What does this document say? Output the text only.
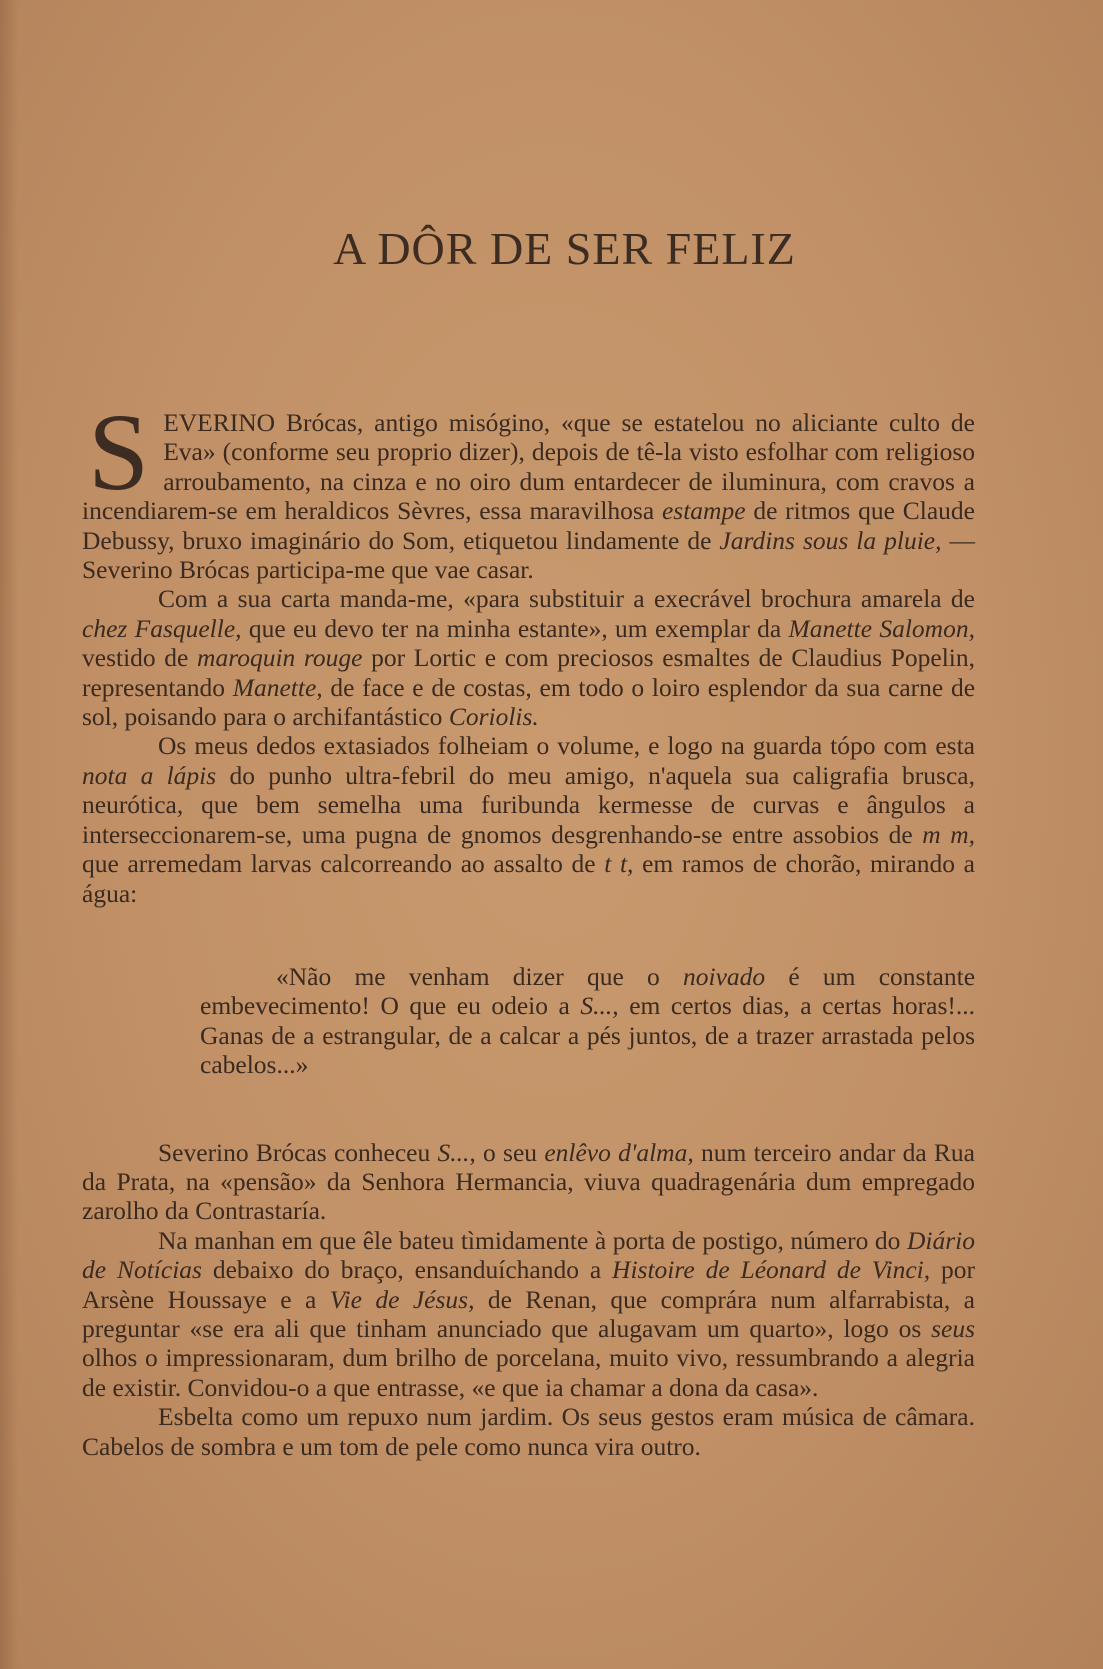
A DÔR DE SER FELIZ

SEVERINO Brócas, antigo misógino, «que se estatelou no aliciante culto de Eva» (conforme seu proprio dizer), depois de tê-la visto esfolhar com religioso arroubamento, na cinza e no oiro dum entardecer de iluminura, com cravos a incendiarem-se em heraldicos Sèvres, essa maravilhosa estampe de ritmos que Claude Debussy, bruxo imaginário do Som, etiquetou lindamente de Jardins sous la pluie, — Severino Brócas participa-me que vae casar.

Com a sua carta manda-me, «para substituir a execrável brochura amarela de chez Fasquelle, que eu devo ter na minha estante», um exemplar da Manette Salomon, vestido de maroquin rouge por Lortic e com preciosos esmaltes de Claudius Popelin, representando Manette, de face e de costas, em todo o loiro esplendor da sua carne de sol, poisando para o archifantástico Coriolis.

Os meus dedos extasiados folheiam o volume, e logo na guarda tópo com esta nota a lápis do punho ultra-febril do meu amigo, n'aquela sua caligrafia brusca, neurótica, que bem semelha uma furibunda kermesse de curvas e ângulos a interseccionarem-se, uma pugna de gnomos desgrenhando-se entre assobios de m m, que arremedam larvas calcorreando ao assalto de t t, em ramos de chorão, mirando a água:

«Não me venham dizer que o noivado é um constante embevecimento! O que eu odeio a S..., em certos dias, a certas horas!... Ganas de a estrangular, de a calcar a pés juntos, de a trazer arrastada pelos cabelos...»

Severino Brócas conheceu S..., o seu enlêvo d'alma, num terceiro andar da Rua da Prata, na «pensão» da Senhora Hermancia, viuva quadragenária dum empregado zarolho da Contrastaría.

Na manhan em que êle bateu tìmidamente à porta de postigo, número do Diário de Notícias debaixo do braço, ensanduíchando a Histoire de Léonard de Vinci, por Arsène Houssaye e a Vie de Jésus, de Renan, que comprára num alfarrabista, a preguntar «se era ali que tinham anunciado que alugavam um quarto», logo os seus olhos o impressionaram, dum brilho de porcelana, muito vivo, ressumbrando a alegria de existir. Convidou-o a que entrasse, «e que ia chamar a dona da casa».

Esbelta como um repuxo num jardim. Os seus gestos eram música de câmara. Cabelos de sombra e um tom de pele como nunca vira outro.
